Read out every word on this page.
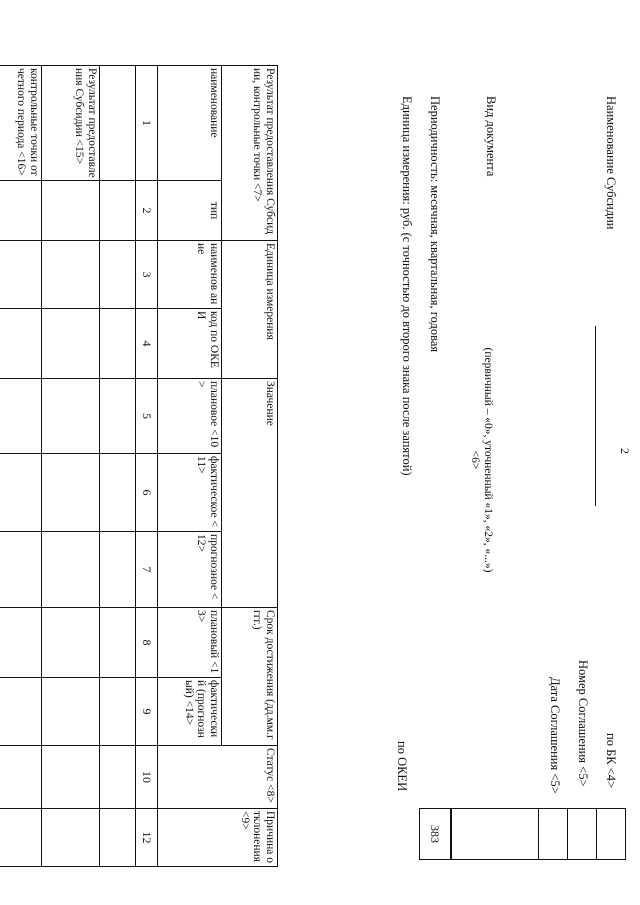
2
Наименование Субсидии
по БК <4>
Номер Соглашения <5>
Дата Соглашения <5>
Вид документа
(первичный – «0», уточненный «1», «2», «...»)
<6>
Периодичность: месячная, квартальная, годовая
Единица измерения: руб. (с точностью до второго знака после запятой)
по ОКЕИ

383
Результат предоставления Субсидии, контрольные точки <7>		Единица измерения		Значение			Срок достижения (дд.мм.гггг.)		Статус <8>	Причина отклонения <9>
наименование	тип	наименов ание	код по ОКЕИ	плановое <10>	фактическое <11>	прогнозное <12>	плановый <13>	фактический (прогнозный) <14>		
1	2	3	4	5	6	7	8	9	10	12

Результат предоставления Субсидии <15>										
контрольные точки отчетного периода <16>										
